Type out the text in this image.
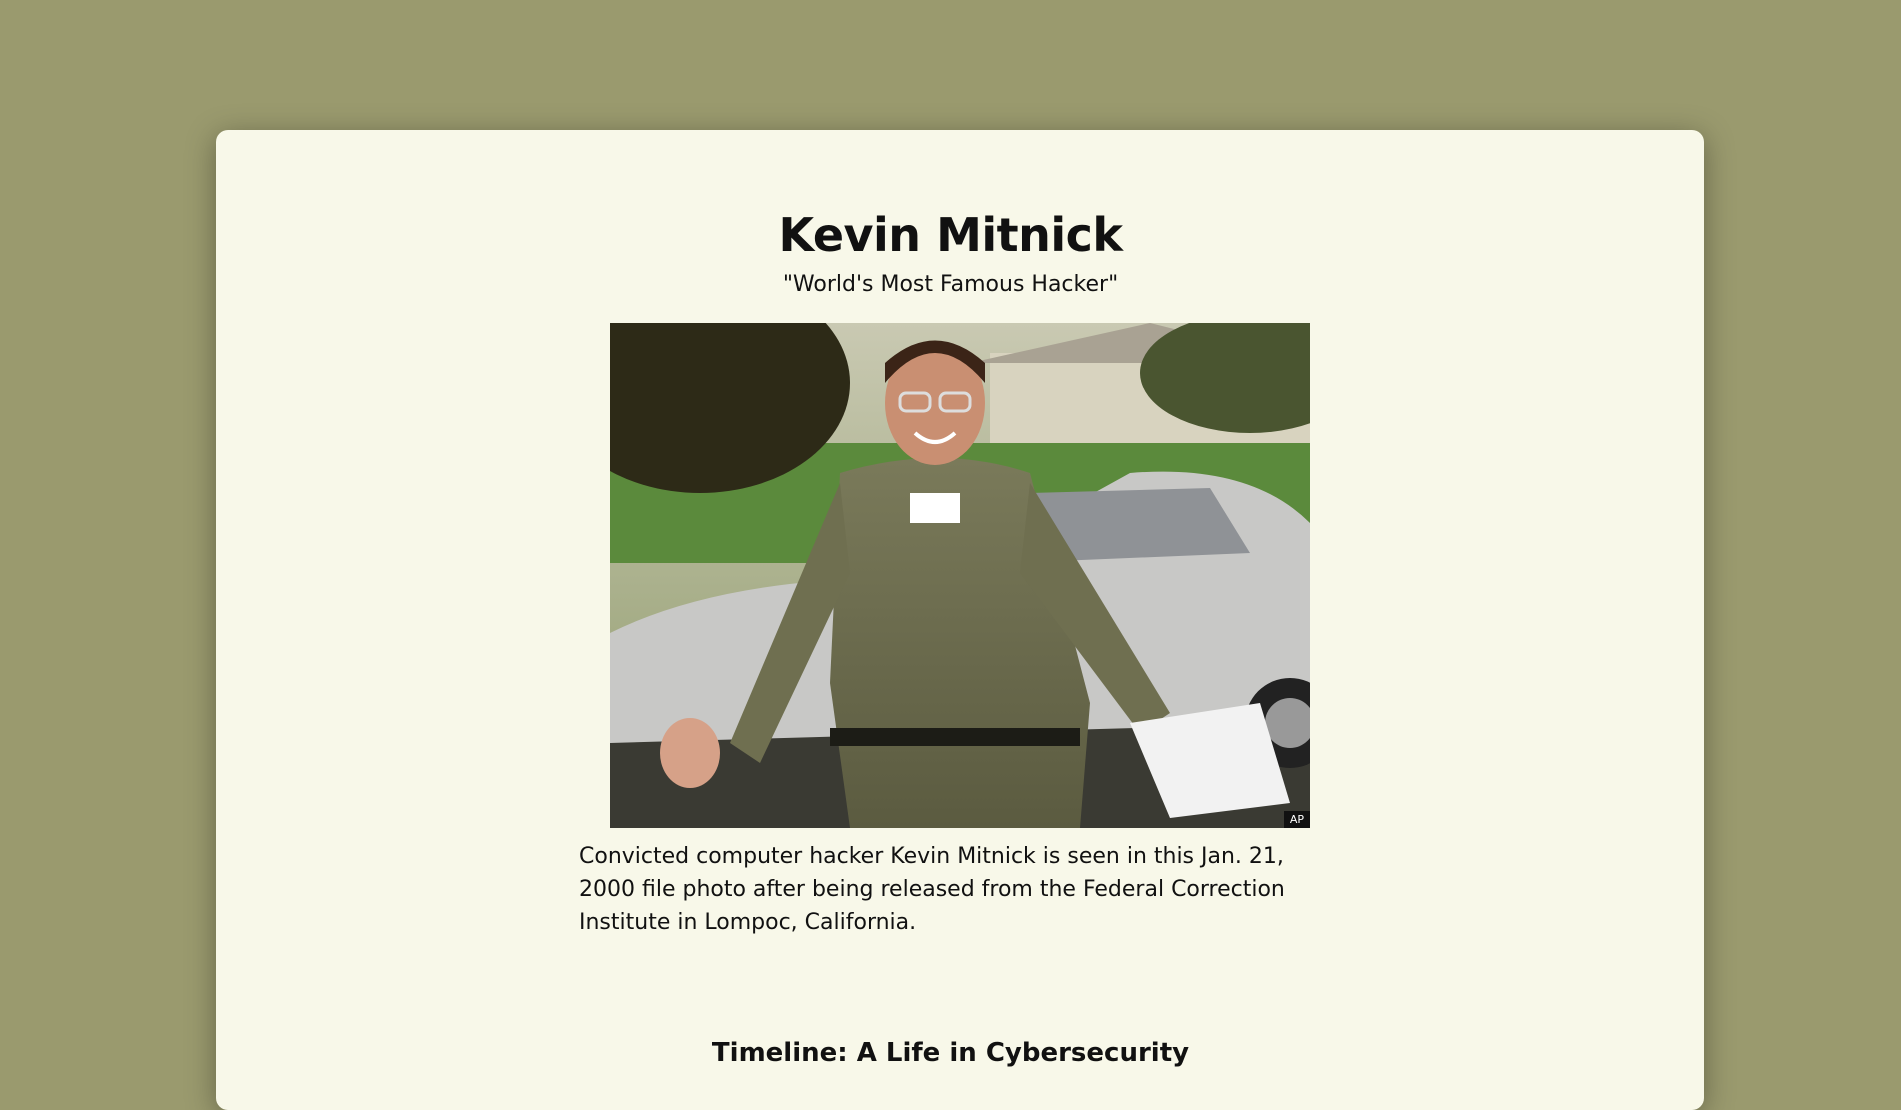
Kevin Mitnick

"World's Most Famous Hacker"

AP

Convicted computer hacker Kevin Mitnick is seen in this Jan. 21, 2000 file photo after being released from the Federal Correction Institute in Lompoc, California.

Timeline: A Life in Cybersecurity
